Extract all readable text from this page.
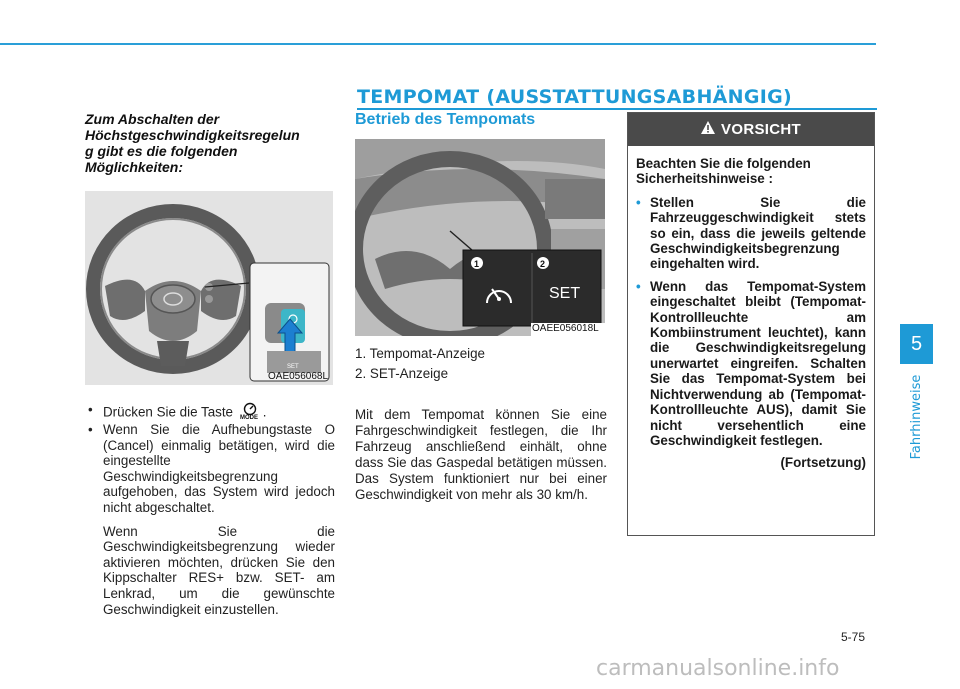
TEMPOMAT (AUSSTATTUNGSABHÄNGIG)

Zum Abschalten der

Höchstgeschwindigkeitsregelun

g gibt es die folgenden

Möglichkeiten:

SET
OAE056068L
• Drücken Sie die Taste MODE .
• Wenn Sie die Aufhebungstaste O (Cancel) einmalig betätigen, wird die eingestellte Geschwindigkeitsbegrenzung aufgehoben, das System wird jedoch nicht abgeschaltet.
Wenn Sie die Geschwindigkeitsbegrenzung wieder aktivieren möchten, drücken Sie den Kippschalter RES+ bzw. SET- am Lenkrad, um die gewünschte Geschwindigkeit einzustellen.
Betrieb des Tempomats
1	2
SET
OAEE056018L
1. Tempomat-Anzeige
2. SET-Anzeige
Mit dem Tempomat können Sie eine Fahrgeschwindigkeit festlegen, die Ihr Fahrzeug anschließend einhält, ohne dass Sie das Gaspedal betätigen müssen. Das System funktioniert nur bei einer Geschwindigkeit von mehr als 30 km/h.
VORSICHT

Beachten Sie die folgenden Sicherheitshinweise :

• Stellen Sie die Fahrzeuggeschwindigkeit stets so ein, dass die jeweils geltende Geschwindigkeitsbegrenzung eingehalten wird.
• Wenn das Tempomat-System eingeschaltet bleibt (Tempomat-Kontrollleuchte am Kombiinstrument leuchtet), kann die Geschwindigkeitsregelung unerwartet eingreifen. Schalten Sie das Tempomat-System bei Nichtverwendung ab (Tempomat-Kontrollleuchte AUS), damit Sie nicht versehentlich eine Geschwindigkeit festlegen.
(Fortsetzung)
5
Fahrhinweise
5-75
carmanualsonline.info
